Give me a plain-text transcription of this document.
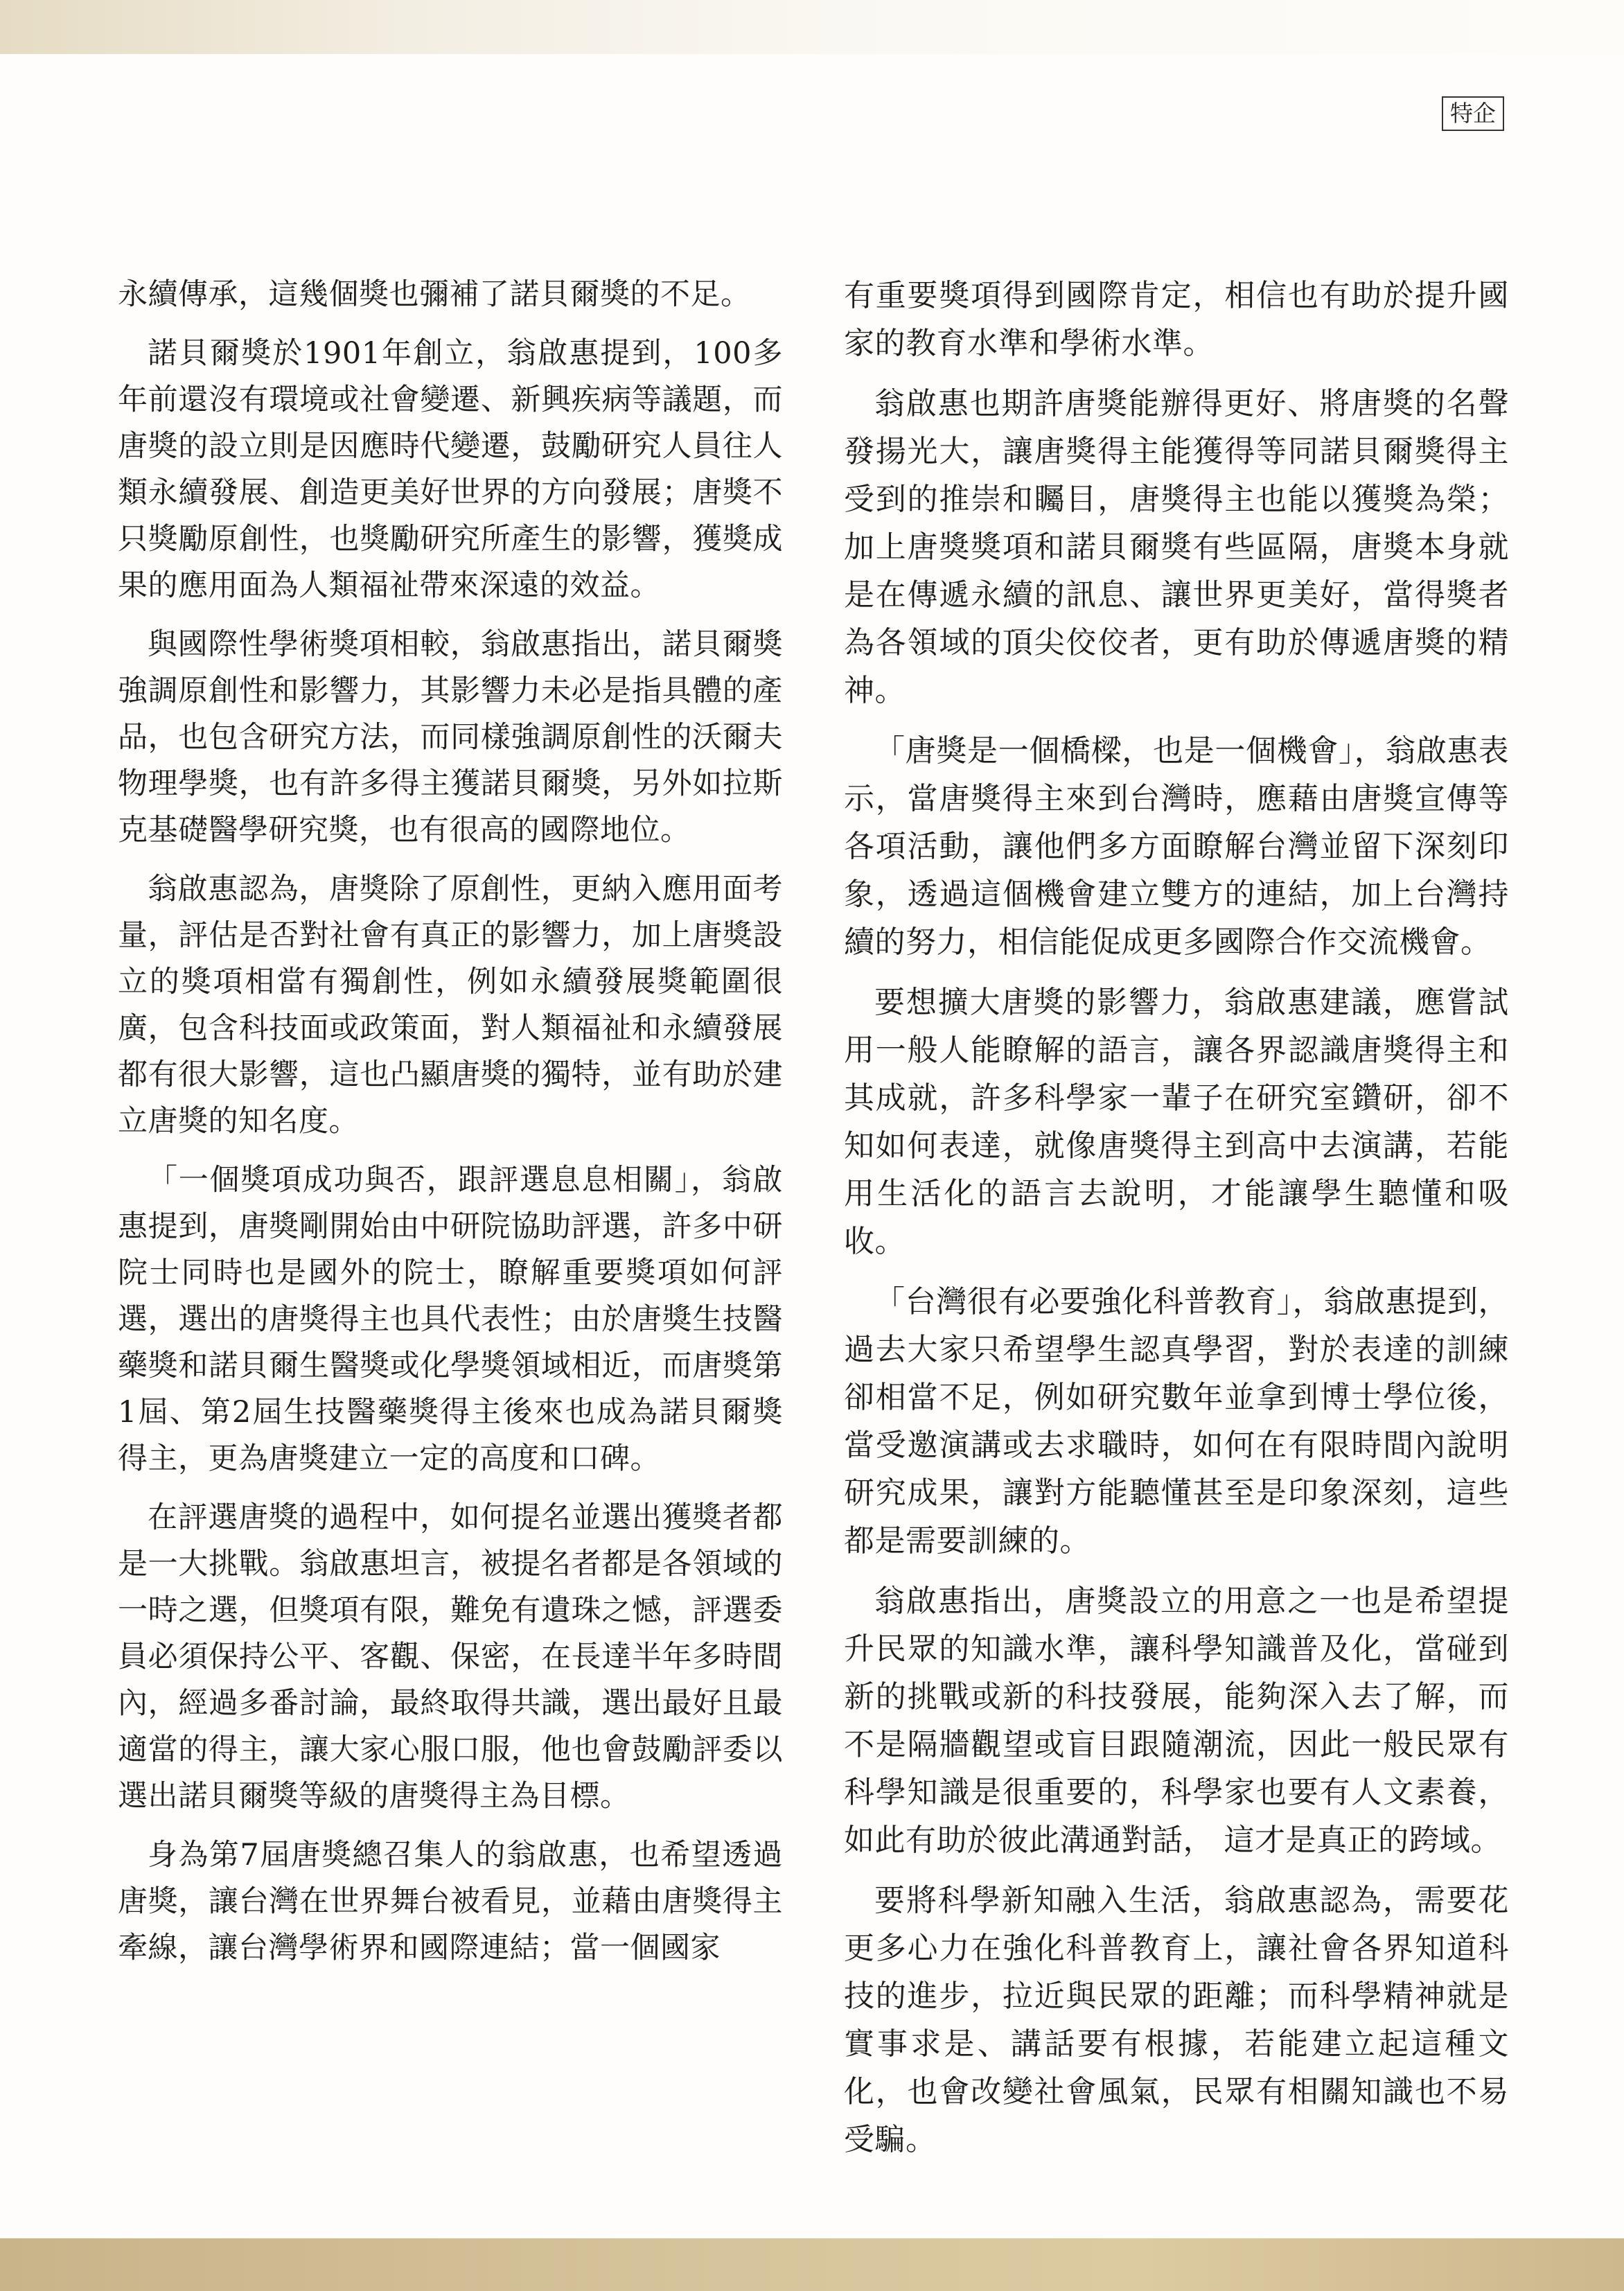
特企

永續傳承，這幾個獎也彌補了諾貝爾獎的不足。

諾貝爾獎於1901年創立，翁啟惠提到，100多年前還沒有環境或社會變遷、新興疾病等議題，而唐獎的設立則是因應時代變遷，鼓勵研究人員往人類永續發展、創造更美好世界的方向發展；唐獎不只獎勵原創性，也獎勵研究所產生的影響，獲獎成果的應用面為人類福祉帶來深遠的效益。

與國際性學術獎項相較，翁啟惠指出，諾貝爾獎強調原創性和影響力，其影響力未必是指具體的產品，也包含研究方法，而同樣強調原創性的沃爾夫物理學獎，也有許多得主獲諾貝爾獎，另外如拉斯克基礎醫學研究獎，也有很高的國際地位。

翁啟惠認為，唐獎除了原創性，更納入應用面考量，評估是否對社會有真正的影響力，加上唐獎設立的獎項相當有獨創性，例如永續發展獎範圍很廣，包含科技面或政策面，對人類福祉和永續發展都有很大影響，這也凸顯唐獎的獨特，並有助於建立唐獎的知名度。

「一個獎項成功與否，跟評選息息相關」，翁啟惠提到，唐獎剛開始由中研院協助評選，許多中研院士同時也是國外的院士，瞭解重要獎項如何評選，選出的唐獎得主也具代表性；由於唐獎生技醫藥獎和諾貝爾生醫獎或化學獎領域相近，而唐獎第1屆、第2屆生技醫藥獎得主後來也成為諾貝爾獎得主，更為唐獎建立一定的高度和口碑。

在評選唐獎的過程中，如何提名並選出獲獎者都是一大挑戰。翁啟惠坦言，被提名者都是各領域的一時之選，但獎項有限，難免有遺珠之憾，評選委員必須保持公平、客觀、保密，在長達半年多時間內，經過多番討論，最終取得共識，選出最好且最適當的得主，讓大家心服口服，他也會鼓勵評委以選出諾貝爾獎等級的唐獎得主為目標。

身為第7屆唐獎總召集人的翁啟惠，也希望透過唐獎，讓台灣在世界舞台被看見，並藉由唐獎得主牽線，讓台灣學術界和國際連結；當一個國家

有重要獎項得到國際肯定，相信也有助於提升國家的教育水準和學術水準。

翁啟惠也期許唐獎能辦得更好、將唐獎的名聲發揚光大，讓唐獎得主能獲得等同諾貝爾獎得主受到的推崇和矚目，唐獎得主也能以獲獎為榮；加上唐獎獎項和諾貝爾獎有些區隔，唐獎本身就是在傳遞永續的訊息、讓世界更美好，當得獎者為各領域的頂尖佼佼者，更有助於傳遞唐獎的精神。

「唐獎是一個橋樑，也是一個機會」，翁啟惠表示，當唐獎得主來到台灣時，應藉由唐獎宣傳等各項活動，讓他們多方面瞭解台灣並留下深刻印象，透過這個機會建立雙方的連結，加上台灣持續的努力，相信能促成更多國際合作交流機會。

要想擴大唐獎的影響力，翁啟惠建議，應嘗試用一般人能瞭解的語言，讓各界認識唐獎得主和其成就，許多科學家一輩子在研究室鑽研，卻不知如何表達，就像唐獎得主到高中去演講，若能用生活化的語言去說明，才能讓學生聽懂和吸收。

「台灣很有必要強化科普教育」，翁啟惠提到，過去大家只希望學生認真學習，對於表達的訓練卻相當不足，例如研究數年並拿到博士學位後，當受邀演講或去求職時，如何在有限時間內說明研究成果，讓對方能聽懂甚至是印象深刻，這些都是需要訓練的。

翁啟惠指出，唐獎設立的用意之一也是希望提升民眾的知識水準，讓科學知識普及化，當碰到新的挑戰或新的科技發展，能夠深入去了解，而不是隔牆觀望或盲目跟隨潮流，因此一般民眾有科學知識是很重要的，科學家也要有人文素養，如此有助於彼此溝通對話， 這才是真正的跨域。

要將科學新知融入生活，翁啟惠認為，需要花更多心力在強化科普教育上，讓社會各界知道科技的進步，拉近與民眾的距離；而科學精神就是實事求是、講話要有根據，若能建立起這種文化，也會改變社會風氣，民眾有相關知識也不易受騙。
